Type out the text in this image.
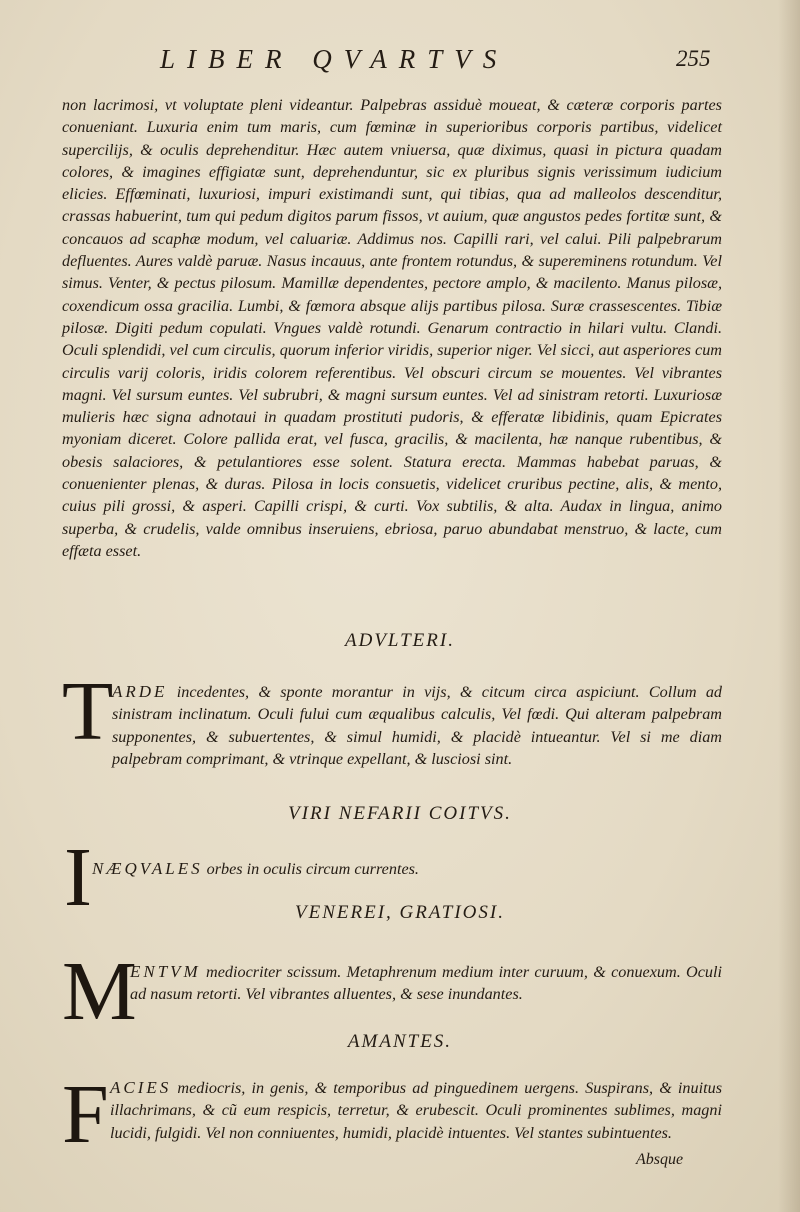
LIBER QVARTVS	255

non lacrimosi, vt voluptate pleni videantur. Palpebras assiduè moueat, & cæteræ corporis partes conueniant. Luxuria enim tum maris, cum fœminæ in superioribus corporis partibus, videlicet supercilijs, & oculis deprehenditur. Hæc autem vniuersa, quæ diximus, quasi in pictura quadam colores, & imagines effigiatæ sunt, deprehenduntur, sic ex pluribus signis verissimum iudicium elicies. Effœminati, luxuriosi, impuri existimandi sunt, qui tibias, qua ad malleolos descenditur, crassas habuerint, tum qui pedum digitos parum fissos, vt auium, quæ angustos pedes fortitæ sunt, & concauos ad scaphæ modum, vel caluariæ. Addimus nos. Capilli rari, vel calui. Pili palpebrarum defluentes. Aures valdè paruæ. Nasus incauus, ante frontem rotundus, & supereminens rotundum. Vel simus. Venter, & pectus pilosum. Mamillæ dependentes, pectore amplo, & macilento. Manus pilosæ, coxendicum ossa gracilia. Lumbi, & fœmora absque alijs partibus pilosa. Suræ crassescentes. Tibiæ pilosæ. Digiti pedum copulati. Vngues valdè rotundi. Genarum contractio in hilari vultu. Clandi. Oculi splendidi, vel cum circulis, quorum inferior viridis, superior niger. Vel sicci, aut asperiores cum circulis varij coloris, iridis colorem referentibus. Vel obscuri circum se mouentes. Vel vibrantes magni. Vel sursum euntes. Vel subrubri, & magni sursum euntes. Vel ad sinistram retorti. Luxuriosæ mulieris hæc signa adnotaui in quadam prostituti pudoris, & efferatæ libidinis, quam Epicrates myoniam diceret. Colore pallida erat, vel fusca, gracilis, & macilenta, hæ nanque rubentibus, & obesis salaciores, & petulantiores esse solent. Statura erecta. Mammas habebat paruas, & conuenienter plenas, & duras. Pilosa in locis consuetis, videlicet cruribus pectine, alis, & mento, cuius pili grossi, & asperi. Capilli crispi, & curti. Vox subtilis, & alta. Audax in lingua, animo superba, & crudelis, valde omnibus inseruiens, ebriosa, paruo abundabat menstruo, & lacte, cum effæta esset.

ADVLTERI.
T

ARDE incedentes, & sponte morantur in vijs, & citcum circa aspiciunt. Collum ad sinistram inclinatum. Oculi fului cum æqualibus calculis, Vel fœdi. Qui alteram palpebram supponentes, & subuertentes, & simul humidi, & placidè intueantur. Vel si me diam palpebram comprimant, & vtrinque expellant, & lusciosi sint.

VIRI NEFARII COITVS.
I NÆQVALES orbes in oculis circum currentes.

VENEREI, GRATIOSI.
M

ENTVM mediocriter scissum. Metaphrenum medium inter curuum, & conuexum. Oculi ad nasum retorti. Vel vibrantes alluentes, & sese inundantes.

AMANTES.
F ACIES mediocris, in genis, & temporibus ad pinguedinem uergens. Suspirans, & inuitus illachrimans, & cũ eum respicis, terretur, & erubescit. Oculi prominentes sublimes, magni lucidi, fulgidi. Vel non conniuentes, humidi, placidè intuentes. Vel stantes subintuentes.

Absque
